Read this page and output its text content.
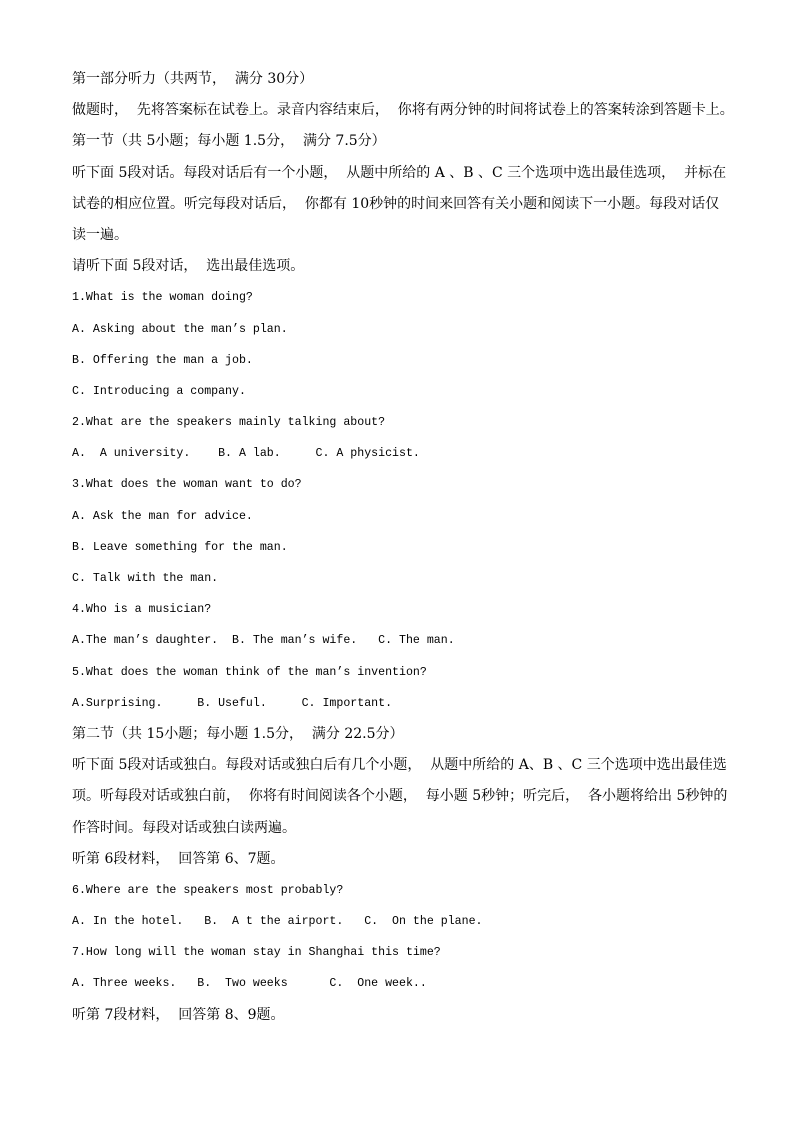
第一部分听力（共两节，  满分 30分）
做题时，  先将答案标在试卷上。录音内容结束后，  你将有两分钟的时间将试卷上的答案转涂到答题卡上。
第一节（共 5小题；每小题 1.5分，  满分 7.5分）
听下面 5段对话。每段对话后有一个小题，  从题中所给的 A 、B 、C 三个选项中选出最佳选项，  并标在
试卷的相应位置。听完每段对话后，  你都有 10秒钟的时间来回答有关小题和阅读下一小题。每段对话仅
读一遍。
请听下面 5段对话，  选出最佳选项。
1.What is the woman doing?
A. Asking about the man’s plan.
B. Offering the man a job.
C. Introducing a company.
2.What are the speakers mainly talking about?
A.  A university.    B. A lab.     C. A physicist.
3.What does the woman want to do?
A. Ask the man for advice.
B. Leave something for the man.
C. Talk with the man.
4.Who is a musician?
A.The man’s daughter.  B. The man’s wife.   C. The man.
5.What does the woman think of the man’s invention?
A.Surprising.     B. Useful.     C. Important.
第二节（共 15小题；每小题 1.5分，  满分 22.5分）
听下面 5段对话或独白。每段对话或独白后有几个小题，  从题中所给的 A、B 、C 三个选项中选出最佳选
项。听每段对话或独白前，  你将有时间阅读各个小题，  每小题 5秒钟；听完后，  各小题将给出 5秒钟的
作答时间。每段对话或独白读两遍。
听第 6段材料，  回答第 6、7题。
6.Where are the speakers most probably?
A. In the hotel.   B.  A t the airport.   C.  On the plane.
7.How long will the woman stay in Shanghai this time?
A. Three weeks.   B.  Two weeks      C.  One week..
听第 7段材料，  回答第 8、9题。
